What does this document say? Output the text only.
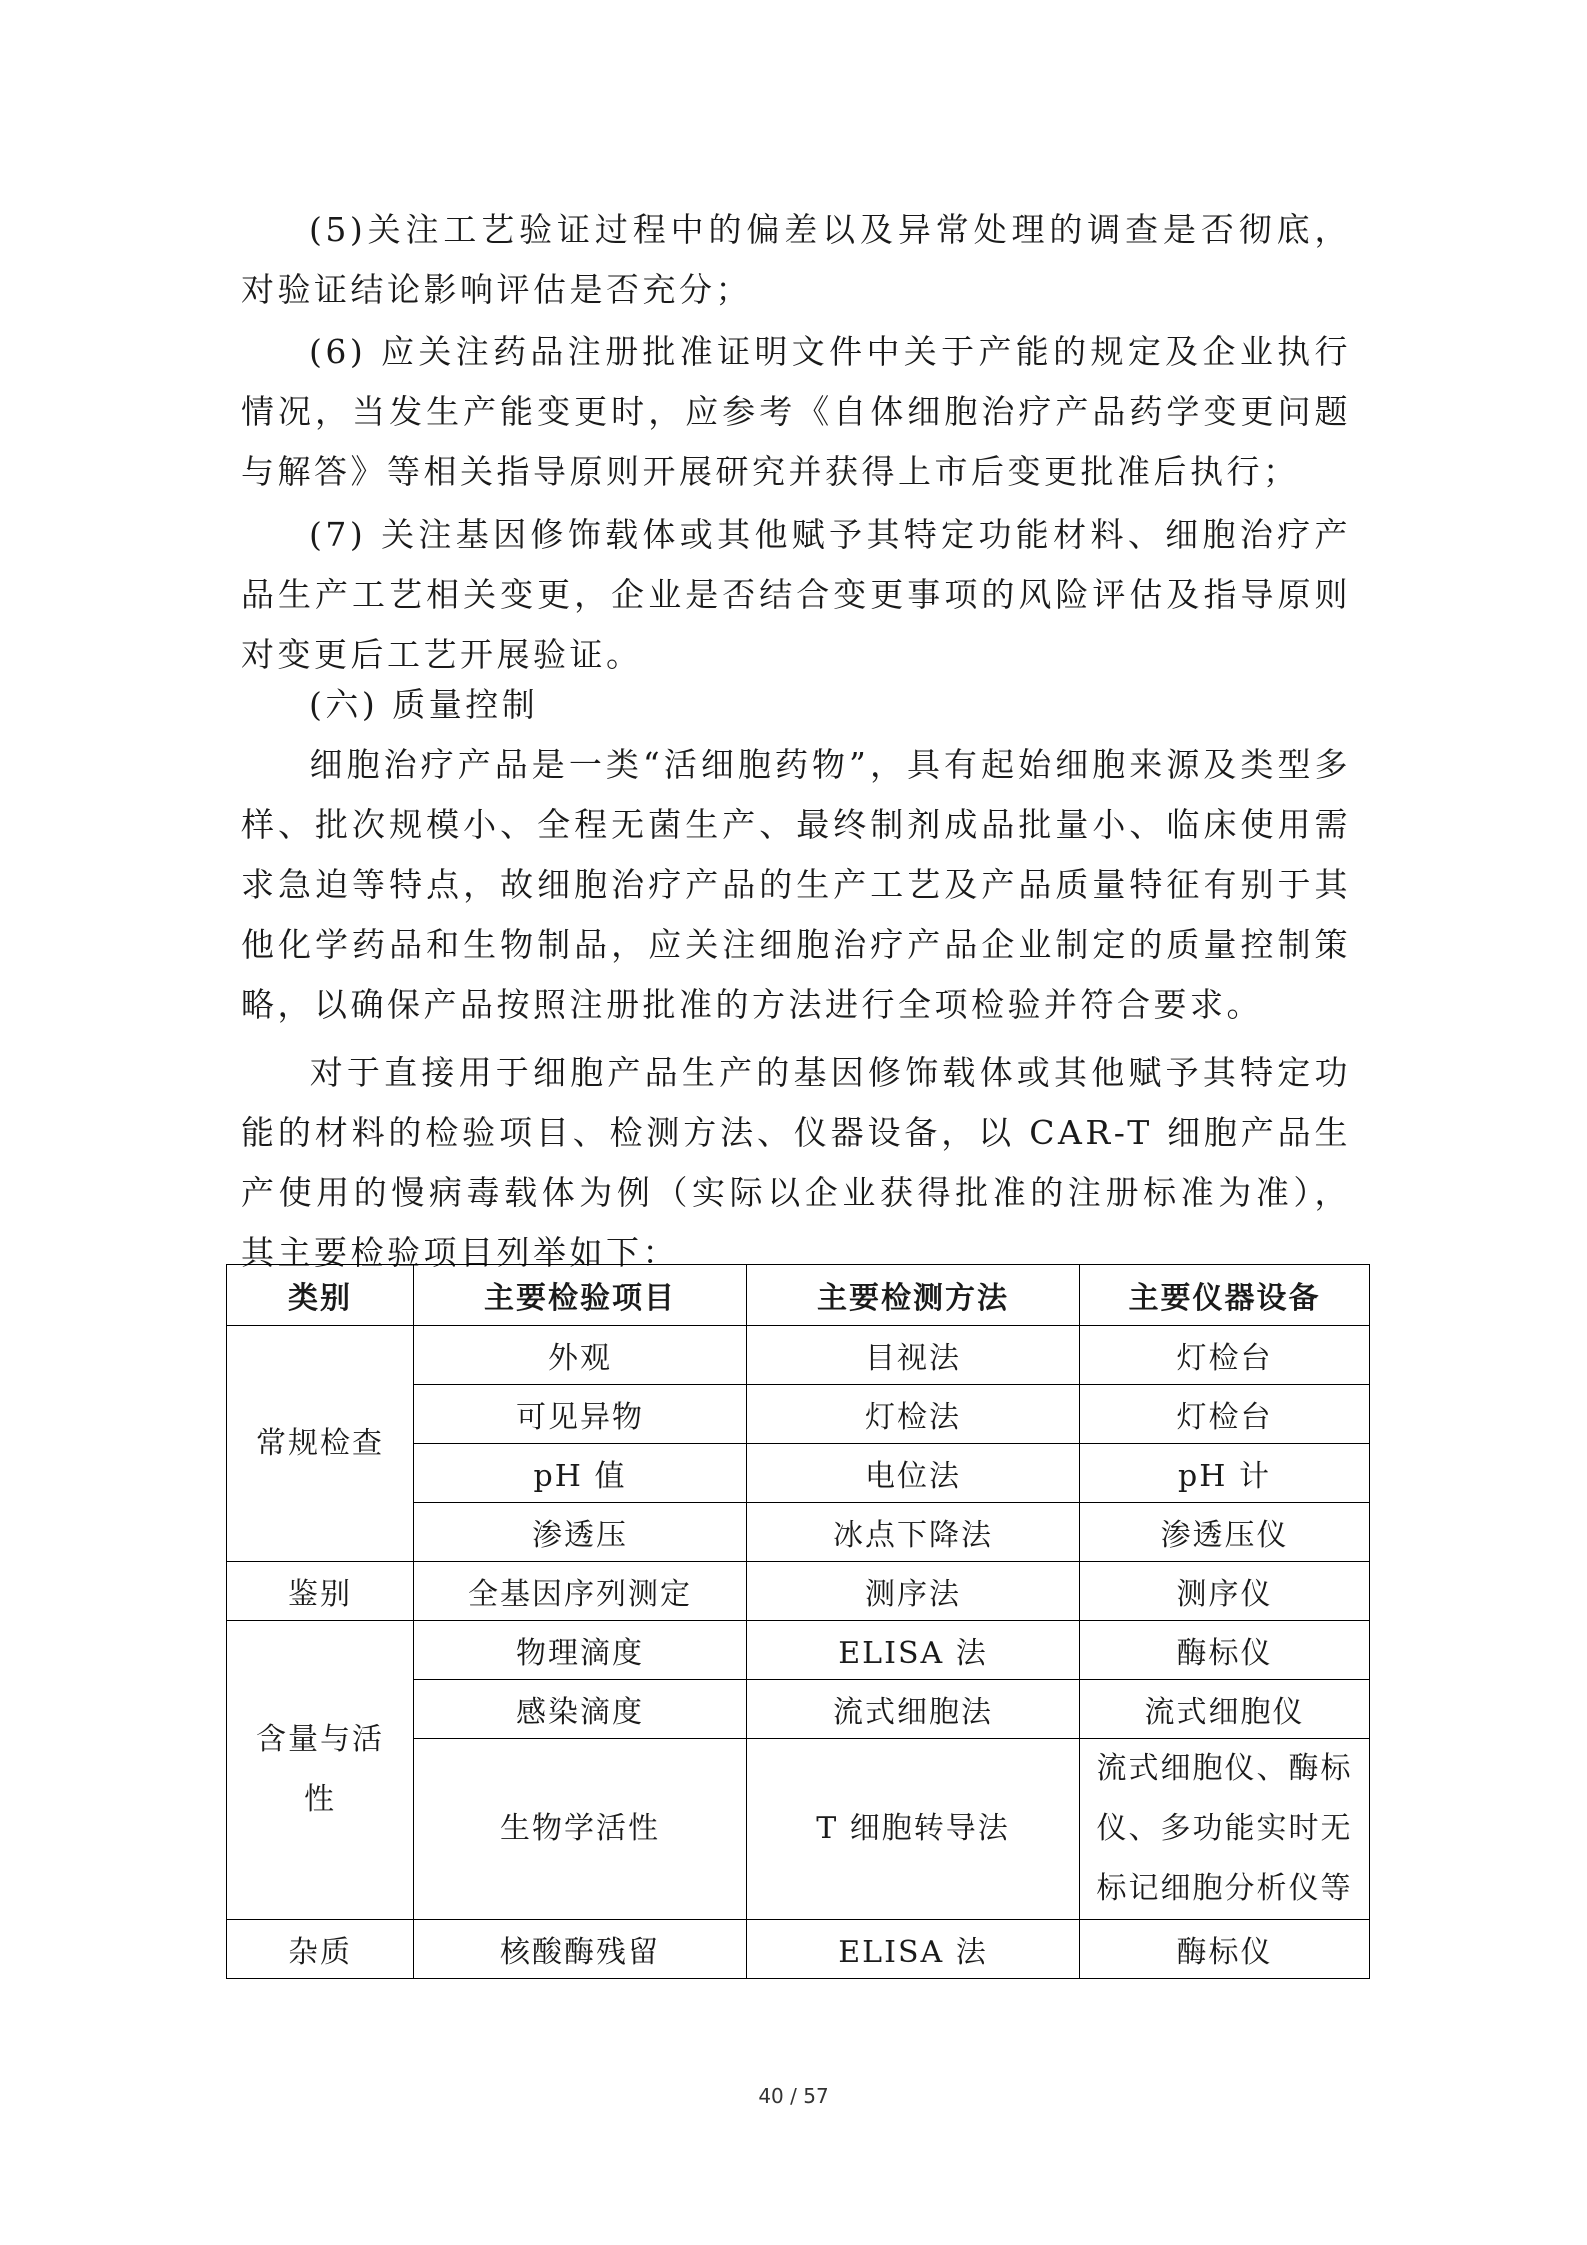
(5)关注工艺验证过程中的偏差以及异常处理的调查是否彻底，对验证结论影响评估是否充分；

(6) 应关注药品注册批准证明文件中关于产能的规定及企业执行情况，当发生产能变更时，应参考《自体细胞治疗产品药学变更问题与解答》等相关指导原则开展研究并获得上市后变更批准后执行；

(7) 关注基因修饰载体或其他赋予其特定功能材料、细胞治疗产品生产工艺相关变更，企业是否结合变更事项的风险评估及指导原则对变更后工艺开展验证。

(六) 质量控制

细胞治疗产品是一类“活细胞药物”，具有起始细胞来源及类型多样、批次规模小、全程无菌生产、最终制剂成品批量小、临床使用需求急迫等特点，故细胞治疗产品的生产工艺及产品质量特征有别于其他化学药品和生物制品，应关注细胞治疗产品企业制定的质量控制策略，以确保产品按照注册批准的方法进行全项检验并符合要求。

对于直接用于细胞产品生产的基因修饰载体或其他赋予其特定功能的材料的检验项目、检测方法、仪器设备，以 CAR-T 细胞产品生产使用的慢病毒载体为例（实际以企业获得批准的注册标准为准），其主要检验项目列举如下：

类别	主要检验项目	主要检测方法	主要仪器设备
常规检查	外观	目视法	灯检台
	可见异物	灯检法	灯检台
	pH 值	电位法	pH 计
	渗透压	冰点下降法	渗透压仪
鉴别	全基因序列测定	测序法	测序仪
含量与活性	物理滴度	ELISA 法	酶标仪
	感染滴度	流式细胞法	流式细胞仪
	生物学活性	T 细胞转导法	流式细胞仪、酶标仪、多功能实时无标记细胞分析仪等
杂质	核酸酶残留	ELISA 法	酶标仪
40 / 57
